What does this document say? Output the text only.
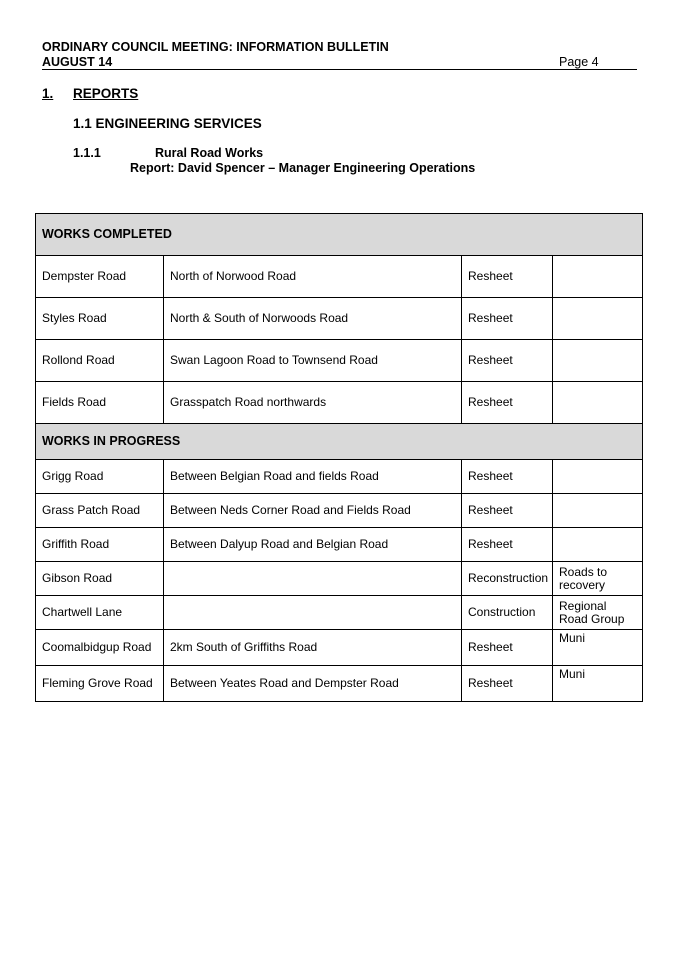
ORDINARY COUNCIL MEETING: INFORMATION BULLETIN
AUGUST 14	Page 4
1. REPORTS
1.1 ENGINEERING SERVICES
1.1.1	Rural Road Works
Report: David Spencer – Manager Engineering Operations
WORKS COMPLETED			
Dempster Road	North of Norwood Road	Resheet	
Styles Road	North & South of Norwoods Road	Resheet	
Rollond Road	Swan Lagoon Road to Townsend Road	Resheet	
Fields Road	Grasspatch Road northwards	Resheet	
WORKS IN PROGRESS			
Grigg Road	Between Belgian Road and fields Road	Resheet	
Grass Patch Road	Between Neds Corner Road and Fields Road	Resheet	
Griffith Road	Between Dalyup Road and Belgian Road	Resheet	
Gibson Road		Reconstruction	Roads to recovery
Chartwell Lane		Construction	Regional Road Group
Coomalbidgup Road	2km South of Griffiths Road	Resheet	Muni
Fleming Grove Road	Between Yeates Road and Dempster Road	Resheet	Muni
